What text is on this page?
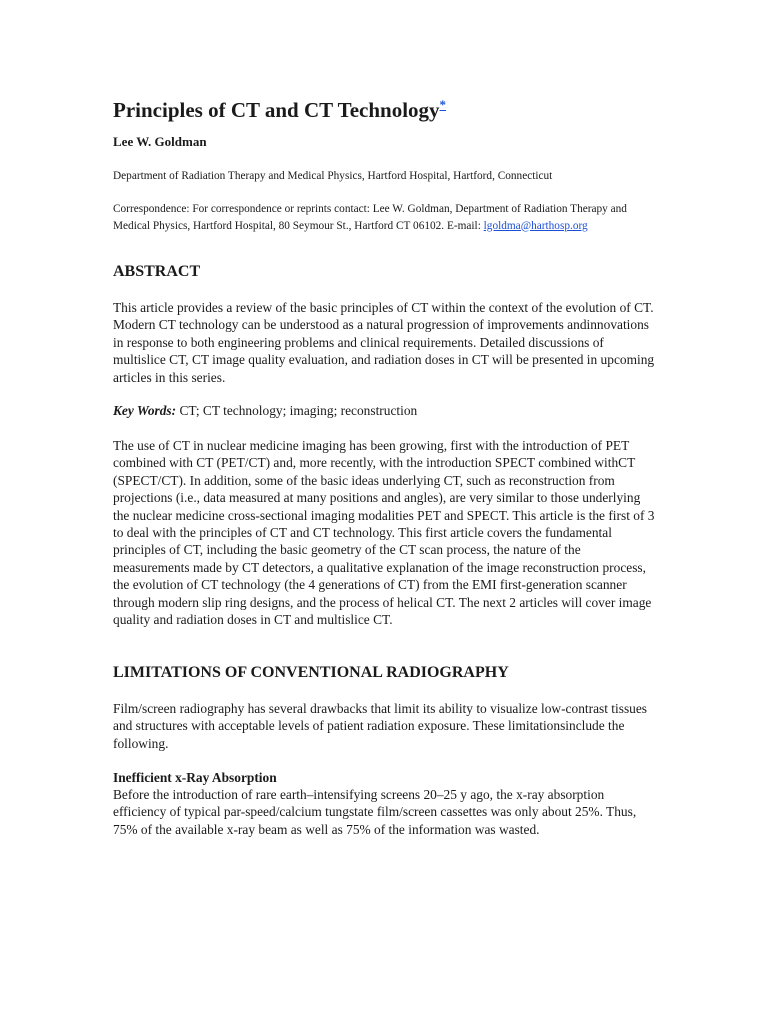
Principles of CT and CT Technology*
Lee W. Goldman
Department of Radiation Therapy and Medical Physics, Hartford Hospital, Hartford, Connecticut
Correspondence: For correspondence or reprints contact: Lee W. Goldman, Department of Radiation Therapy and Medical Physics, Hartford Hospital, 80 Seymour St., Hartford CT 06102. E-mail: lgoldma@harthosp.org
ABSTRACT

This article provides a review of the basic principles of CT within the context of the evolution of CT. Modern CT technology can be understood as a natural progression of improvements andinnovations in response to both engineering problems and clinical requirements. Detailed discussions of multislice CT, CT image quality evaluation, and radiation doses in CT will be presented in upcoming articles in this series.

Key Words: CT; CT technology; imaging; reconstruction

The use of CT in nuclear medicine imaging has been growing, first with the introduction of PET combined with CT (PET/CT) and, more recently, with the introduction SPECT combined withCT (SPECT/CT). In addition, some of the basic ideas underlying CT, such as reconstruction from projections (i.e., data measured at many positions and angles), are very similar to those underlying the nuclear medicine cross-sectional imaging modalities PET and SPECT. This article is the first of 3 to deal with the principles of CT and CT technology. This first article covers the fundamental principles of CT, including the basic geometry of the CT scan process, the nature of the measurements made by CT detectors, a qualitative explanation of the image reconstruction process, the evolution of CT technology (the 4 generations of CT) from the EMI first-generation scanner through modern slip ring designs, and the process of helical CT. The next 2 articles will cover image quality and radiation doses in CT and multislice CT.

LIMITATIONS OF CONVENTIONAL RADIOGRAPHY

Film/screen radiography has several drawbacks that limit its ability to visualize low-contrast tissues and structures with acceptable levels of patient radiation exposure. These limitationsinclude the following.

Inefficient x-Ray Absorption

Before the introduction of rare earth–intensifying screens 20–25 y ago, the x-ray absorption efficiency of typical par-speed/calcium tungstate film/screen cassettes was only about 25%. Thus, 75% of the available x-ray beam as well as 75% of the information was wasted.
